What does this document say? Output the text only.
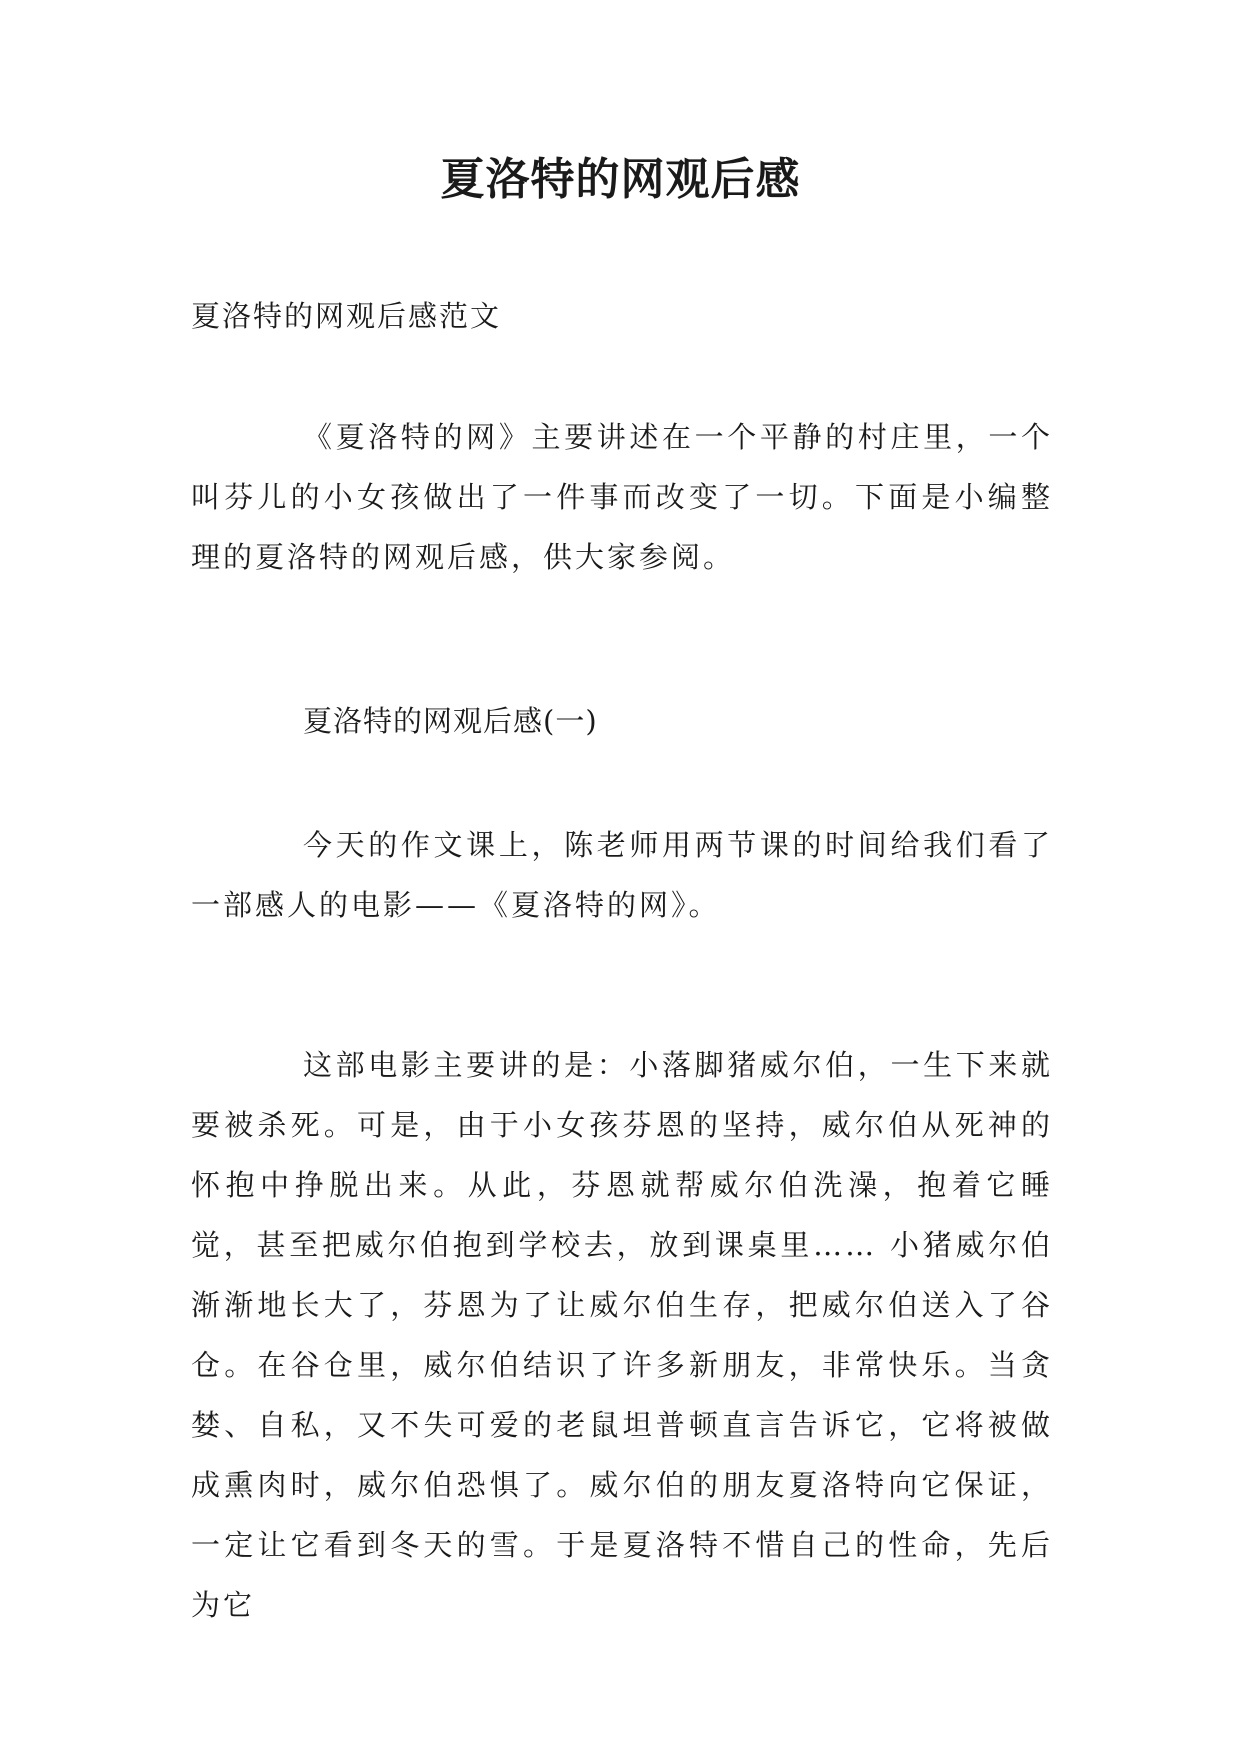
夏洛特的网观后感
夏洛特的网观后感范文

《夏洛特的网》主要讲述在一个平静的村庄里，一个叫芬儿的小女孩做出了一件事而改变了一切。下面是小编整理的夏洛特的网观后感，供大家参阅。

夏洛特的网观后感(一)

今天的作文课上，陈老师用两节课的时间给我们看了一部感人的电影——《夏洛特的网》。

这部电影主要讲的是：小落脚猪威尔伯，一生下来就要被杀死。可是，由于小女孩芬恩的坚持，威尔伯从死神的怀抱中挣脱出来。从此，芬恩就帮威尔伯洗澡，抱着它睡觉，甚至把威尔伯抱到学校去，放到课桌里…… 小猪威尔伯渐渐地长大了，芬恩为了让威尔伯生存，把威尔伯送入了谷仓。在谷仓里，威尔伯结识了许多新朋友，非常快乐。当贪婪、自私，又不失可爱的老鼠坦普顿直言告诉它，它将被做成熏肉时，威尔伯恐惧了。威尔伯的朋友夏洛特向它保证，一定让它看到冬天的雪。于是夏洛特不惜自己的性命，先后为它
